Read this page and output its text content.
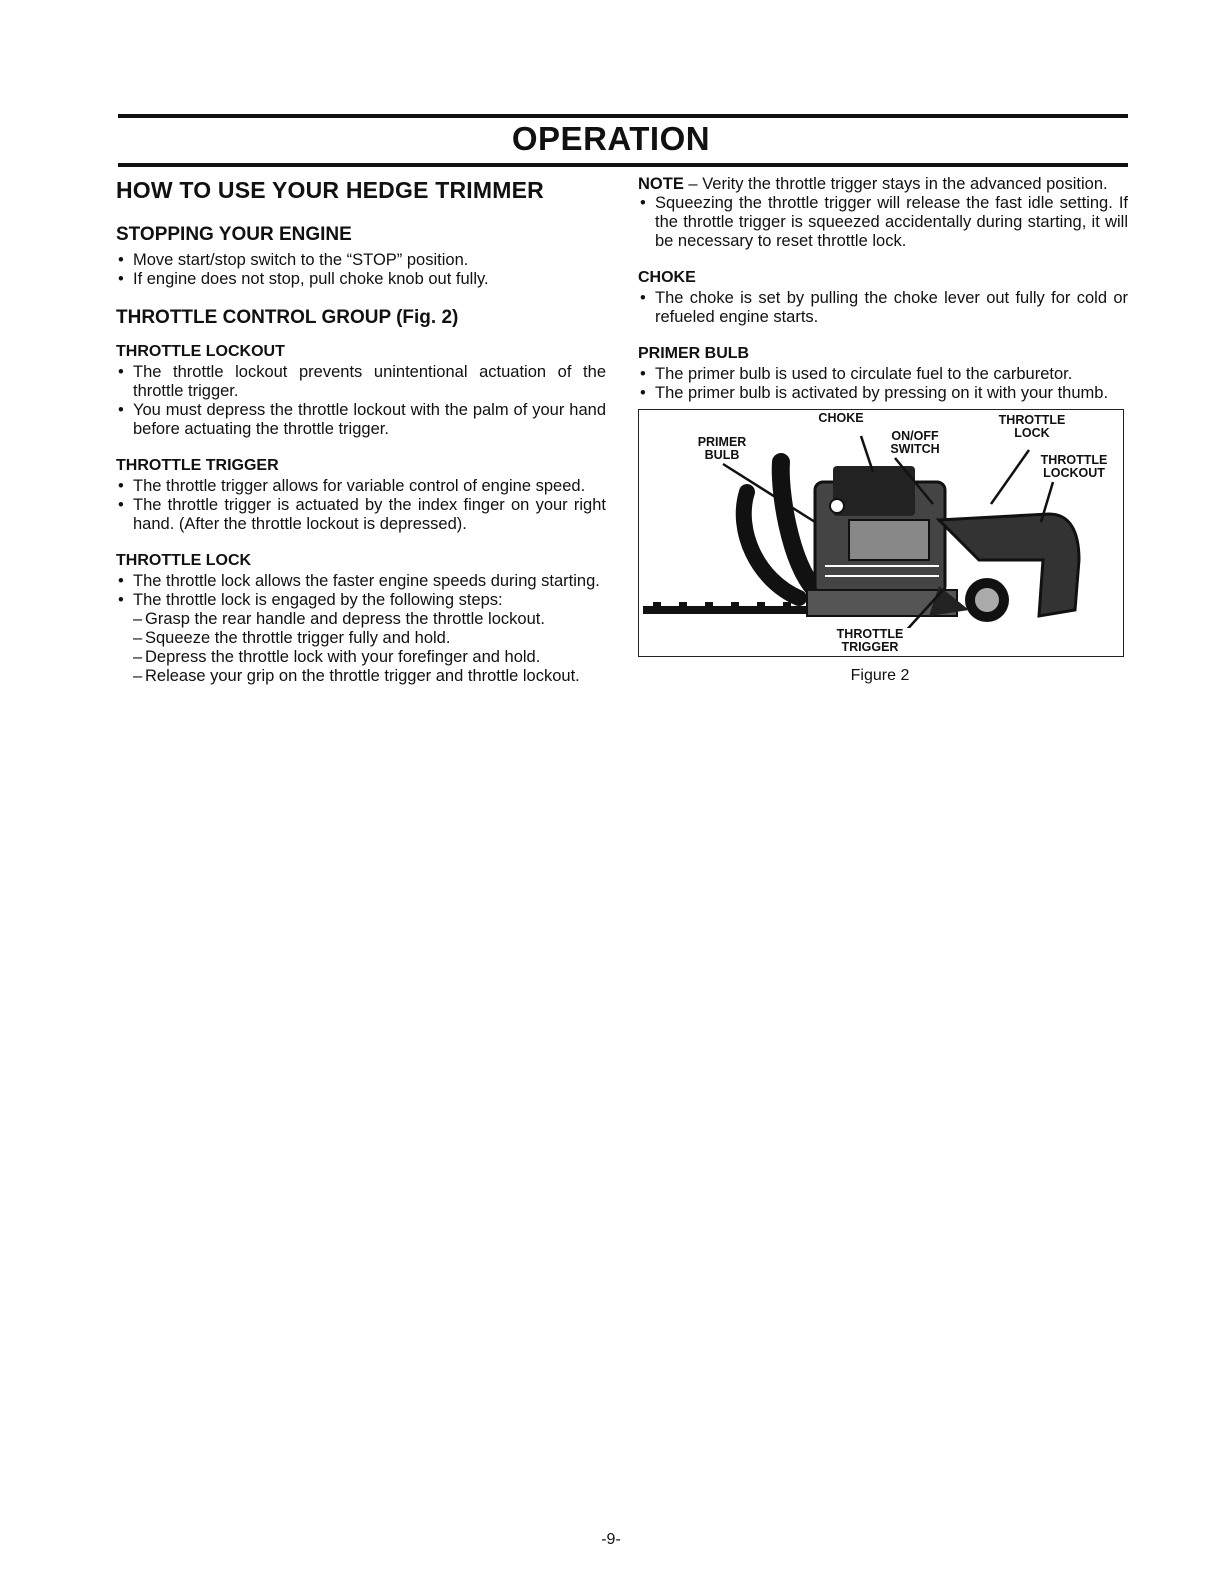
OPERATION
HOW TO USE YOUR HEDGE TRIMMER
STOPPING YOUR ENGINE
• Move start/stop switch to the “STOP” position.
• If engine does not stop, pull choke knob out fully.
THROTTLE CONTROL GROUP (Fig. 2)
THROTTLE LOCKOUT
• The throttle lockout prevents unintentional actuation of the throttle trigger.
• You must depress the throttle lockout with the palm of your hand before actuating the throttle trigger.
THROTTLE TRIGGER
• The throttle trigger allows for variable control of engine speed.
• The throttle trigger is actuated by the index finger on your right hand. (After the throttle lockout is depressed).
THROTTLE LOCK
• The throttle lock allows the faster engine speeds during starting.
• The throttle lock is engaged by the following steps:
– Grasp the rear handle and depress the throttle lockout.
– Squeeze the throttle trigger fully and hold.
– Depress the throttle lock with your forefinger and hold.
– Release your grip on the throttle trigger and throttle lockout.

NOTE – Verity the throttle trigger stays in the advanced position.

• Squeezing the throttle trigger will release the fast idle setting. If the throttle trigger is squeezed accidentally during starting, it will be necessary to reset throttle lock.
CHOKE
• The choke is set by pulling the choke lever out fully for cold or refueled engine starts.
PRIMER BULB
• The primer bulb is used to circulate fuel to the carburetor.
• The primer bulb is activated by pressing on it with your thumb.
CHOKE
PRIMER
BULB
ON/OFF
SWITCH
THROTTLE
LOCK
THROTTLE
LOCKOUT
THROTTLE
TRIGGER
Figure 2
-9-
